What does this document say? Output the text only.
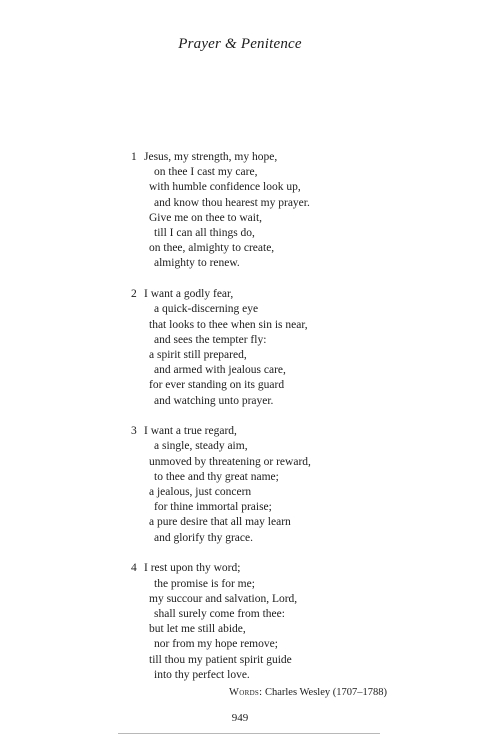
Prayer & Penitence
1 Jesus, my strength, my hope,
on thee I cast my care,
with humble confidence look up,
and know thou hearest my prayer.
Give me on thee to wait,
till I can all things do,
on thee, almighty to create,
almighty to renew.
2 I want a godly fear,
a quick-discerning eye
that looks to thee when sin is near,
and sees the tempter fly:
a spirit still prepared,
and armed with jealous care,
for ever standing on its guard
and watching unto prayer.
3 I want a true regard,
a single, steady aim,
unmoved by threatening or reward,
to thee and thy great name;
a jealous, just concern
for thine immortal praise;
a pure desire that all may learn
and glorify thy grace.
4 I rest upon thy word;
the promise is for me;
my succour and salvation, Lord,
shall surely come from thee:
but let me still abide,
nor from my hope remove;
till thou my patient spirit guide
into thy perfect love.
Words: Charles Wesley (1707–1788)
949
